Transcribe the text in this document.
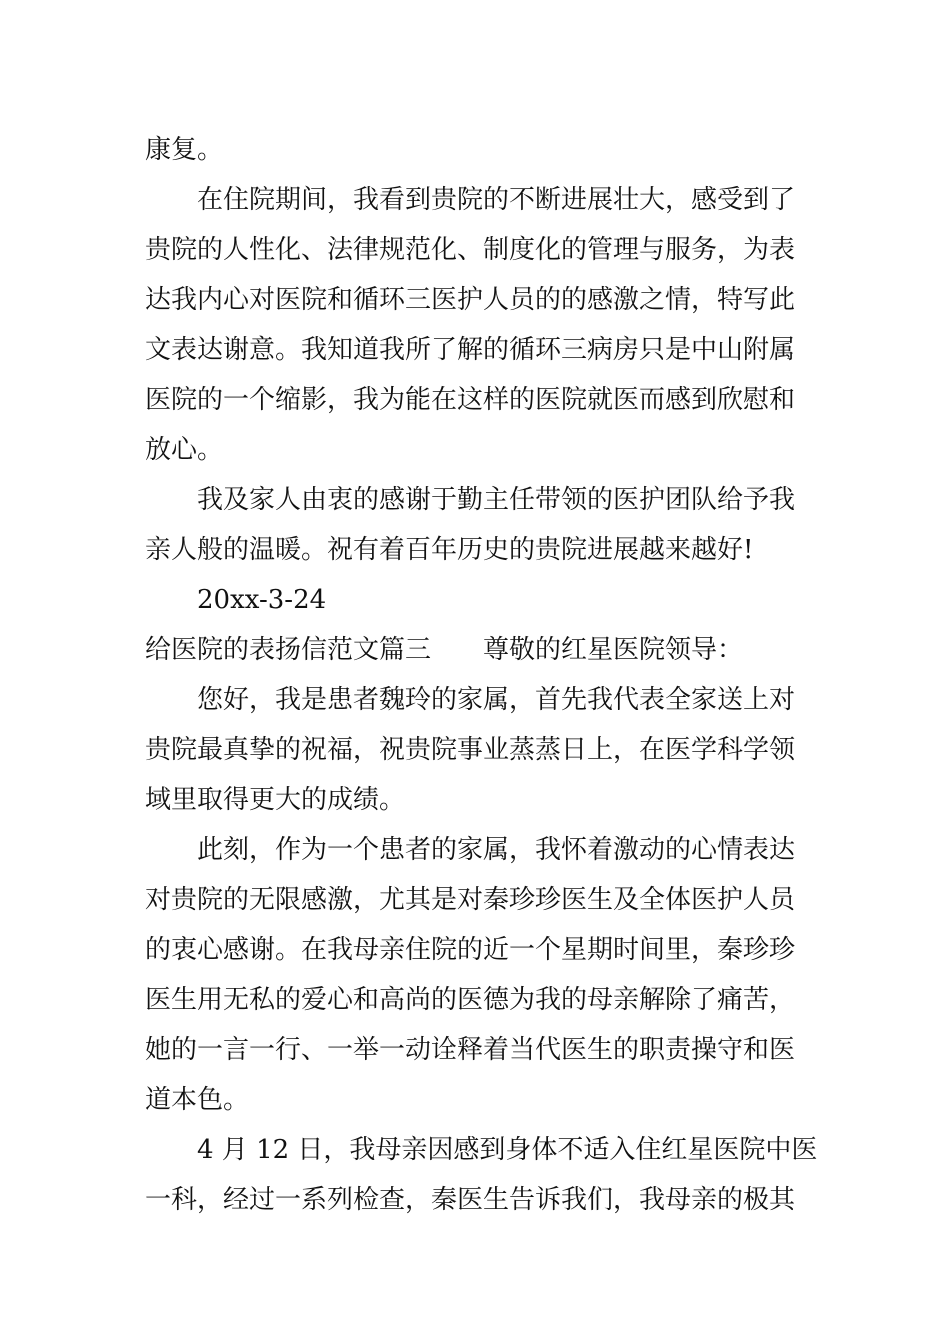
康复。
在住院期间，我看到贵院的不断进展壮大，感受到了
贵院的人性化、法律规范化、制度化的管理与服务，为表
达我内心对医院和循环三医护人员的的感激之情，特写此
文表达谢意。我知道我所了解的循环三病房只是中山附属
医院的一个缩影，我为能在这样的医院就医而感到欣慰和
放心。
我及家人由衷的感谢于勤主任带领的医护团队给予我
亲人般的温暖。祝有着百年历史的贵院进展越来越好!
20xx-3-24
给医院的表扬信范文篇三 尊敬的红星医院领导：
您好，我是患者魏玲的家属，首先我代表全家送上对
贵院最真挚的祝福，祝贵院事业蒸蒸日上，在医学科学领
域里取得更大的成绩。
此刻，作为一个患者的家属，我怀着激动的心情表达
对贵院的无限感激，尤其是对秦珍珍医生及全体医护人员
的衷心感谢。在我母亲住院的近一个星期时间里，秦珍珍
医生用无私的爱心和高尚的医德为我的母亲解除了痛苦，
她的一言一行、一举一动诠释着当代医生的职责操守和医
道本色。
4 月 12 日，我母亲因感到身体不适入住红星医院中医
一科，经过一系列检查，秦医生告诉我们，我母亲的极其
